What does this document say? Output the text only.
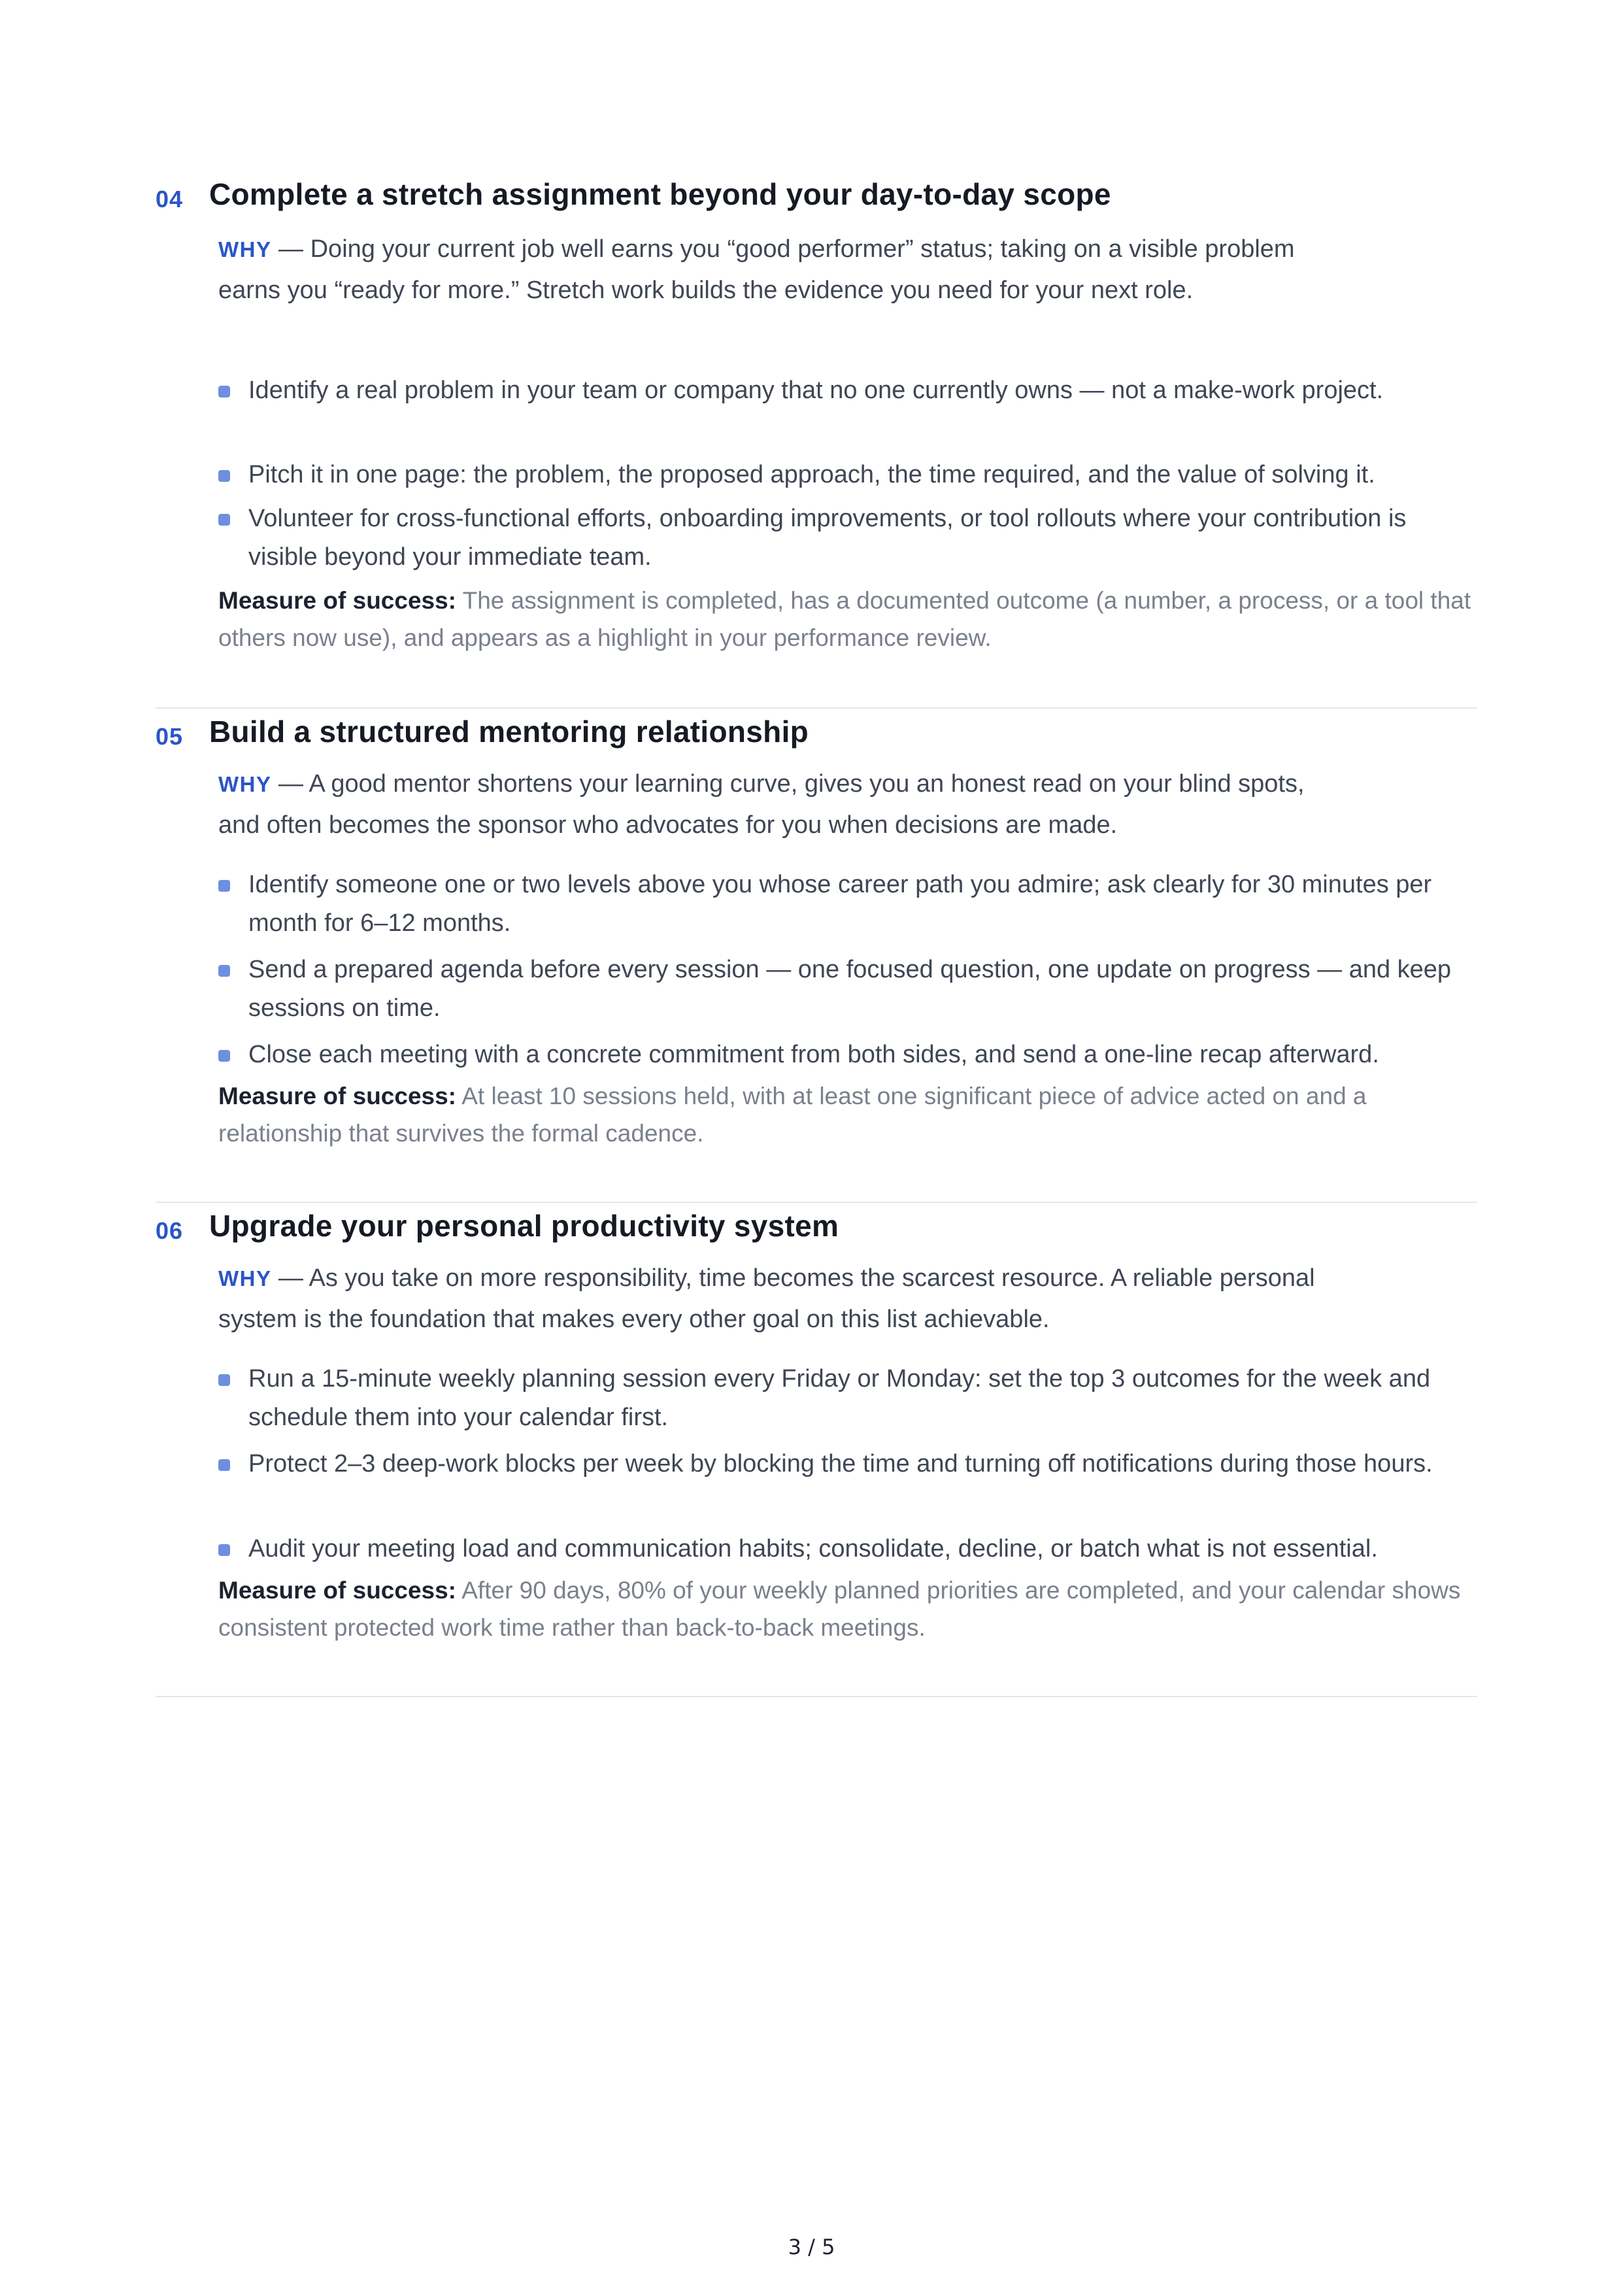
04 Complete a stretch assignment beyond your day-to-day scope

WHY — Doing your current job well earns you “good performer” status; taking on a visible problem earns you “ready for more.” Stretch work builds the evidence you need for your next role.

Identify a real problem in your team or company that no one currently owns — not a make-work project.
Pitch it in one page: the problem, the proposed approach, the time required, and the value of solving it.
Volunteer for cross-functional efforts, onboarding improvements, or tool rollouts where your contribution is visible beyond your immediate team.

Measure of success: The assignment is completed, has a documented outcome (a number, a process, or a tool that others now use), and appears as a highlight in your performance review.

05 Build a structured mentoring relationship

WHY — A good mentor shortens your learning curve, gives you an honest read on your blind spots, and often becomes the sponsor who advocates for you when decisions are made.

Identify someone one or two levels above you whose career path you admire; ask clearly for 30 minutes per month for 6–12 months.
Send a prepared agenda before every session — one focused question, one update on progress — and keep sessions on time.
Close each meeting with a concrete commitment from both sides, and send a one-line recap afterward.

Measure of success: At least 10 sessions held, with at least one significant piece of advice acted on and a relationship that survives the formal cadence.

06 Upgrade your personal productivity system

WHY — As you take on more responsibility, time becomes the scarcest resource. A reliable personal system is the foundation that makes every other goal on this list achievable.

Run a 15-minute weekly planning session every Friday or Monday: set the top 3 outcomes for the week and schedule them into your calendar first.
Protect 2–3 deep-work blocks per week by blocking the time and turning off notifications during those hours.
Audit your meeting load and communication habits; consolidate, decline, or batch what is not essential.

Measure of success: After 90 days, 80% of your weekly planned priorities are completed, and your calendar shows consistent protected work time rather than back-to-back meetings.

3 / 5
